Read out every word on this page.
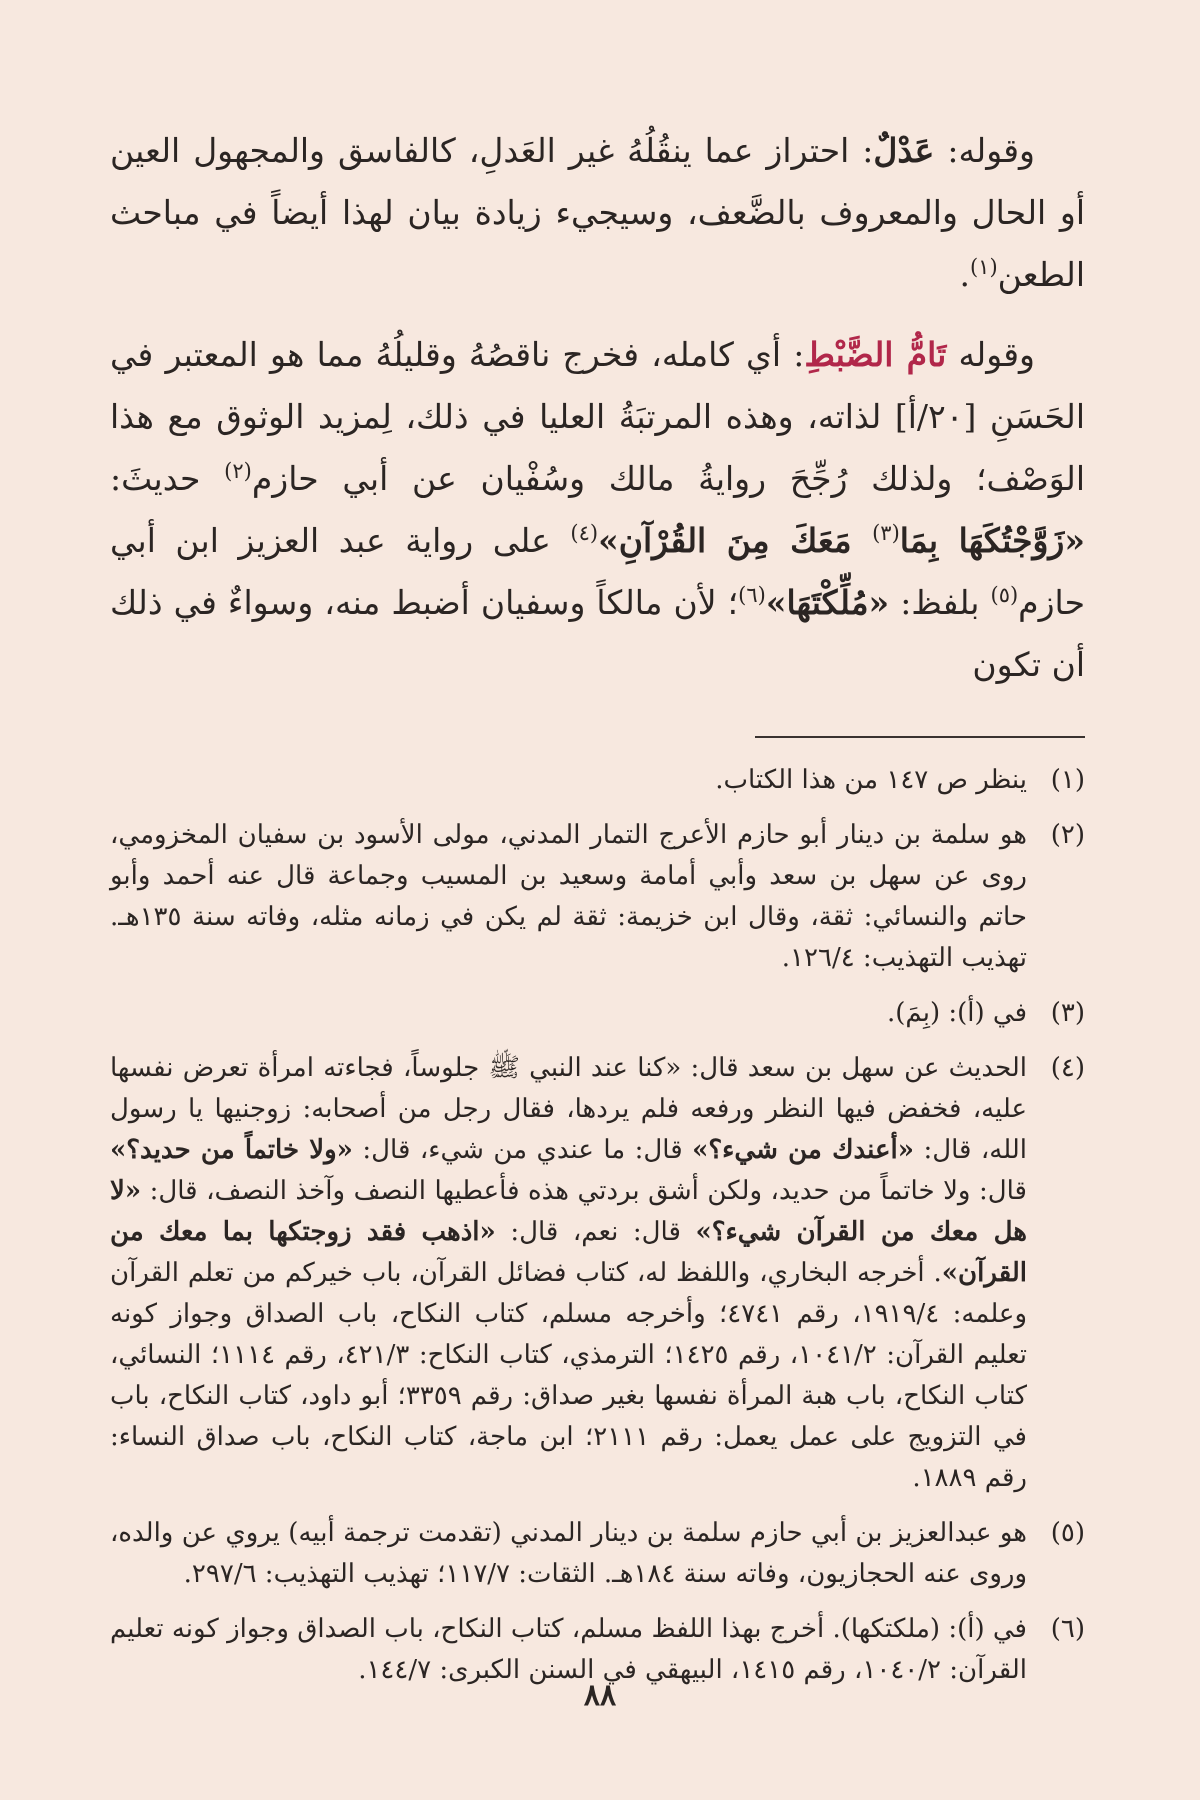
وقوله: عَدْلٌ: احتراز عما ينقُلُهُ غير العَدلِ، كالفاسق والمجهول العين أو الحال والمعروف بالضَّعف، وسيجيء زيادة بيان لهذا أيضاً في مباحث الطعن$^{(١)}$.

وقوله تَامُّ الضَّبْطِ: أي كامله، فخرج ناقصُهُ وقليلُهُ مما هو المعتبر في الحَسَنِ [٢٠/أ] لذاته، وهذه المرتبَةُ العليا في ذلك، لِمزيد الوثوق مع هذا الوَصْف؛ ولذلك رُجِّحَ روايةُ مالك وسُفْيان عن أبي حازم$^{(٢)}$ حديثَ: «زَوَّجْتُكَهَا بِمَا$^{(٣)}$ مَعَكَ مِنَ القُرْآنِ»$^{(٤)}$ على رواية عبد العزيز ابن أبي حازم$^{(٥)}$ بلفظ: «مُلِّكْتَهَا»$^{(٦)}$؛ لأن مالكاً وسفيان أضبط منه، وسواءٌ في ذلك أن تكون

(١)
ينظر ص ١٤٧ من هذا الكتاب.
(٢)
هو سلمة بن دينار أبو حازم الأعرج التمار المدني، مولى الأسود بن سفيان المخزومي، روى عن سهل بن سعد وأبي أمامة وسعيد بن المسيب وجماعة قال عنه أحمد وأبو حاتم والنسائي: ثقة، وقال ابن خزيمة: ثقة لم يكن في زمانه مثله، وفاته سنة ١٣٥هـ. تهذيب التهذيب: ١٢٦/٤.
(٣)
في (أ): (بِمَ).
(٤)
الحديث عن سهل بن سعد قال: «كنا عند النبي ﷺ جلوساً، فجاءته امرأة تعرض نفسها عليه، فخفض فيها النظر ورفعه فلم يردها، فقال رجل من أصحابه: زوجنيها يا رسول الله، قال: «أعندك من شيء؟» قال: ما عندي من شيء، قال: «ولا خاتماً من حديد؟» قال: ولا خاتماً من حديد، ولكن أشق بردتي هذه فأعطيها النصف وآخذ النصف، قال: «لا هل معك من القرآن شيء؟» قال: نعم، قال: «اذهب فقد زوجتكها بما معك من القرآن». أخرجه البخاري، واللفظ له، كتاب فضائل القرآن، باب خيركم من تعلم القرآن وعلمه: ١٩١٩/٤، رقم ٤٧٤١؛ وأخرجه مسلم، كتاب النكاح، باب الصداق وجواز كونه تعليم القرآن: ١٠٤١/٢، رقم ١٤٢٥؛ الترمذي، كتاب النكاح: ٤٢١/٣، رقم ١١١٤؛ النسائي، كتاب النكاح، باب هبة المرأة نفسها بغير صداق: رقم ٣٣٥٩؛ أبو داود، كتاب النكاح، باب في التزويج على عمل يعمل: رقم ٢١١١؛ ابن ماجة، كتاب النكاح، باب صداق النساء: رقم ١٨٨٩.
(٥)
هو عبدالعزيز بن أبي حازم سلمة بن دينار المدني (تقدمت ترجمة أبيه) يروي عن والده، وروى عنه الحجازيون، وفاته سنة ١٨٤هـ. الثقات: ١١٧/٧؛ تهذيب التهذيب: ٢٩٧/٦.
(٦)
في (أ): (ملكتكها). أخرج بهذا اللفظ مسلم، كتاب النكاح، باب الصداق وجواز كونه تعليم القرآن: ١٠٤٠/٢، رقم ١٤١٥، البيهقي في السنن الكبرى: ١٤٤/٧.
٨٨
